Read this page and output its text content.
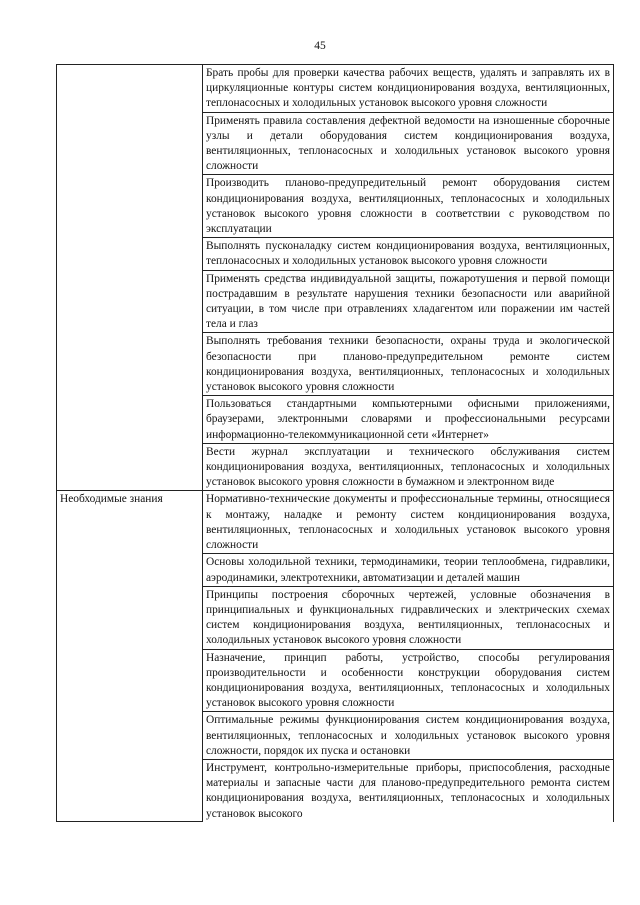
45
	Брать пробы для проверки качества рабочих веществ, удалять и заправлять их в циркуляционные контуры систем кондиционирования воздуха, вентиляционных, теплонасосных и холодильных установок высокого уровня сложности
	Применять правила составления дефектной ведомости на изношенные сборочные узлы и детали оборудования систем кондиционирования воздуха, вентиляционных, теплонасосных и холодильных установок высокого уровня сложности
	Производить планово-предупредительный ремонт оборудования систем кондиционирования воздуха, вентиляционных, теплонасосных и холодильных установок высокого уровня сложности в соответствии с руководством по эксплуатации
	Выполнять пусконаладку систем кондиционирования воздуха, вентиляционных, теплонасосных и холодильных установок высокого уровня сложности
	Применять средства индивидуальной защиты, пожаротушения и первой помощи пострадавшим в результате нарушения техники безопасности или аварийной ситуации, в том числе при отравлениях хладагентом или поражении им частей тела и глаз
	Выполнять требования техники безопасности, охраны труда и экологической безопасности при планово-предупредительном ремонте систем кондиционирования воздуха, вентиляционных, теплонасосных и холодильных установок высокого уровня сложности
	Пользоваться стандартными компьютерными офисными приложениями, браузерами, электронными словарями и профессиональными ресурсами информационно-телекоммуникационной сети «Интернет»
	Вести журнал эксплуатации и технического обслуживания систем кондиционирования воздуха, вентиляционных, теплонасосных и холодильных установок высокого уровня сложности в бумажном и электронном виде
Необходимые знания	Нормативно-технические документы и профессиональные термины, относящиеся к монтажу, наладке и ремонту систем кондиционирования воздуха, вентиляционных, теплонасосных и холодильных установок высокого уровня сложности
	Основы холодильной техники, термодинамики, теории теплообмена, гидравлики, аэродинамики, электротехники, автоматизации и деталей машин
	Принципы построения сборочных чертежей, условные обозначения в принципиальных и функциональных гидравлических и электрических схемах систем кондиционирования воздуха, вентиляционных, теплонасосных и холодильных установок высокого уровня сложности
	Назначение, принцип работы, устройство, способы регулирования производительности и особенности конструкции оборудования систем кондиционирования воздуха, вентиляционных, теплонасосных и холодильных установок высокого уровня сложности
	Оптимальные режимы функционирования систем кондиционирования воздуха, вентиляционных, теплонасосных и холодильных установок высокого уровня сложности, порядок их пуска и остановки
	Инструмент, контрольно-измерительные приборы, приспособления, расходные материалы и запасные части для планово-предупредительного ремонта систем кондиционирования воздуха, вентиляционных, теплонасосных и холодильных установок высокого
